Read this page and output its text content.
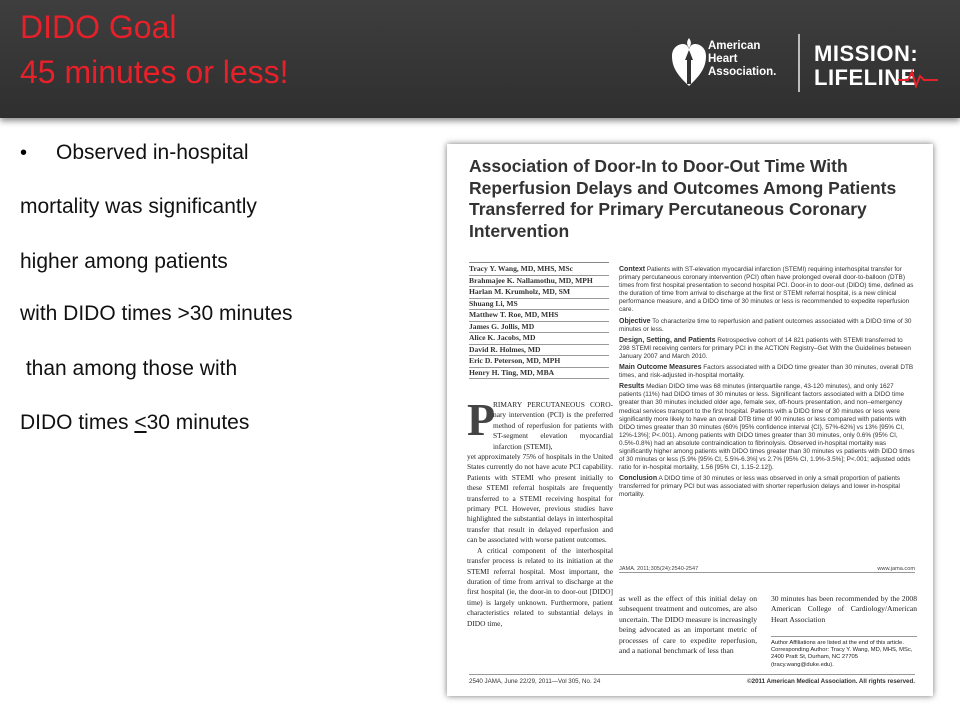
DIDO Goal
45 minutes or less!
American
Heart
Association.
MISSION:
LIFELINE
• Observed in-hospital
mortality was significantly
higher among patients
with DIDO times >30 minutes
than among those with
DIDO times ≤30 minutes
Association of Door-In to Door-Out Time With Reperfusion Delays and Outcomes Among Patients Transferred for Primary Percutaneous Coronary Intervention
Tracy Y. Wang, MD, MHS, MSc
Brahmajee K. Nallamothu, MD, MPH
Harlan M. Krumholz, MD, SM
Shuang Li, MS
Matthew T. Roe, MD, MHS
James G. Jollis, MD
Alice K. Jacobs, MD
David R. Holmes, MD
Eric D. Peterson, MD, MPH
Henry H. Ting, MD, MBA

Context Patients with ST-elevation myocardial infarction (STEMI) requiring interhospital transfer for primary percutaneous coronary intervention (PCI) often have prolonged overall door-to-balloon (DTB) times from first hospital presentation to second hospital PCI. Door-in to door-out (DIDO) time, defined as the duration of time from arrival to discharge at the first or STEMI referral hospital, is a new clinical performance measure, and a DIDO time of 30 minutes or less is recommended to expedite reperfusion care.

Objective To characterize time to reperfusion and patient outcomes associated with a DIDO time of 30 minutes or less.

Design, Setting, and Patients Retrospective cohort of 14 821 patients with STEMI transferred to 298 STEMI receiving centers for primary PCI in the ACTION Registry–Get With the Guidelines between January 2007 and March 2010.

Main Outcome Measures Factors associated with a DIDO time greater than 30 minutes, overall DTB times, and risk-adjusted in-hospital mortality.

Results Median DIDO time was 68 minutes (interquartile range, 43-120 minutes), and only 1627 patients (11%) had DIDO times of 30 minutes or less. Significant factors associated with a DIDO time greater than 30 minutes included older age, female sex, off-hours presentation, and non–emergency medical services transport to the first hospital. Patients with a DIDO time of 30 minutes or less were significantly more likely to have an overall DTB time of 90 minutes or less compared with patients with DIDO times greater than 30 minutes (60% [95% confidence interval {CI}, 57%-62%] vs 13% [95% CI, 12%-13%]; P<.001). Among patients with DIDO times greater than 30 minutes, only 0.6% (95% CI, 0.5%-0.8%) had an absolute contraindication to fibrinolysis. Observed in-hospital mortality was significantly higher among patients with DIDO times greater than 30 minutes vs patients with DIDO times of 30 minutes or less (5.9% [95% CI, 5.5%-6.3%] vs 2.7% [95% CI, 1.9%-3.5%]; P<.001; adjusted odds ratio for in-hospital mortality, 1.56 [95% CI, 1.15-2.12]).

Conclusion A DIDO time of 30 minutes or less was observed in only a small proportion of patients transferred for primary PCI but was associated with shorter reperfusion delays and lower in-hospital mortality.

JAMA. 2011;305(24):2540-2547	www.jama.com
P
RIMARY PERCUTANEOUS CORO-nary intervention (PCI) is the preferred method of reperfusion for patients with ST-segment elevation myocardial infarction (STEMI),
yet approximately 75% of hospitals in the United States currently do not have acute PCI capability. Patients with STEMI who present initially to these STEMI referral hospitals are frequently transferred to a STEMI receiving hospital for primary PCI. However, previous studies have highlighted the substantial delays in interhospital transfer that result in delayed reperfusion and can be associated with worse patient outcomes.
A critical component of the interhospital transfer process is related to its initiation at the STEMI referral hospital. Most important, the duration of time from arrival to discharge at the first hospital (ie, the door-in to door-out [DIDO] time) is largely unknown. Furthermore, patient characteristics related to substantial delays in DIDO time,
as well as the effect of this initial delay on subsequent treatment and outcomes, are also uncertain. The DIDO measure is increasingly being advocated as an important metric of processes of care to expedite reperfusion, and a national benchmark of less than
30 minutes has been recommended by the 2008 American College of Cardiology/American Heart Association
Author Affiliations are listed at the end of this article. Corresponding Author: Tracy Y. Wang, MD, MHS, MSc, 2400 Pratt St, Durham, NC 27705 (tracy.wang@duke.edu).
2540 JAMA, June 22/29, 2011—Vol 305, No. 24	©2011 American Medical Association. All rights reserved.
